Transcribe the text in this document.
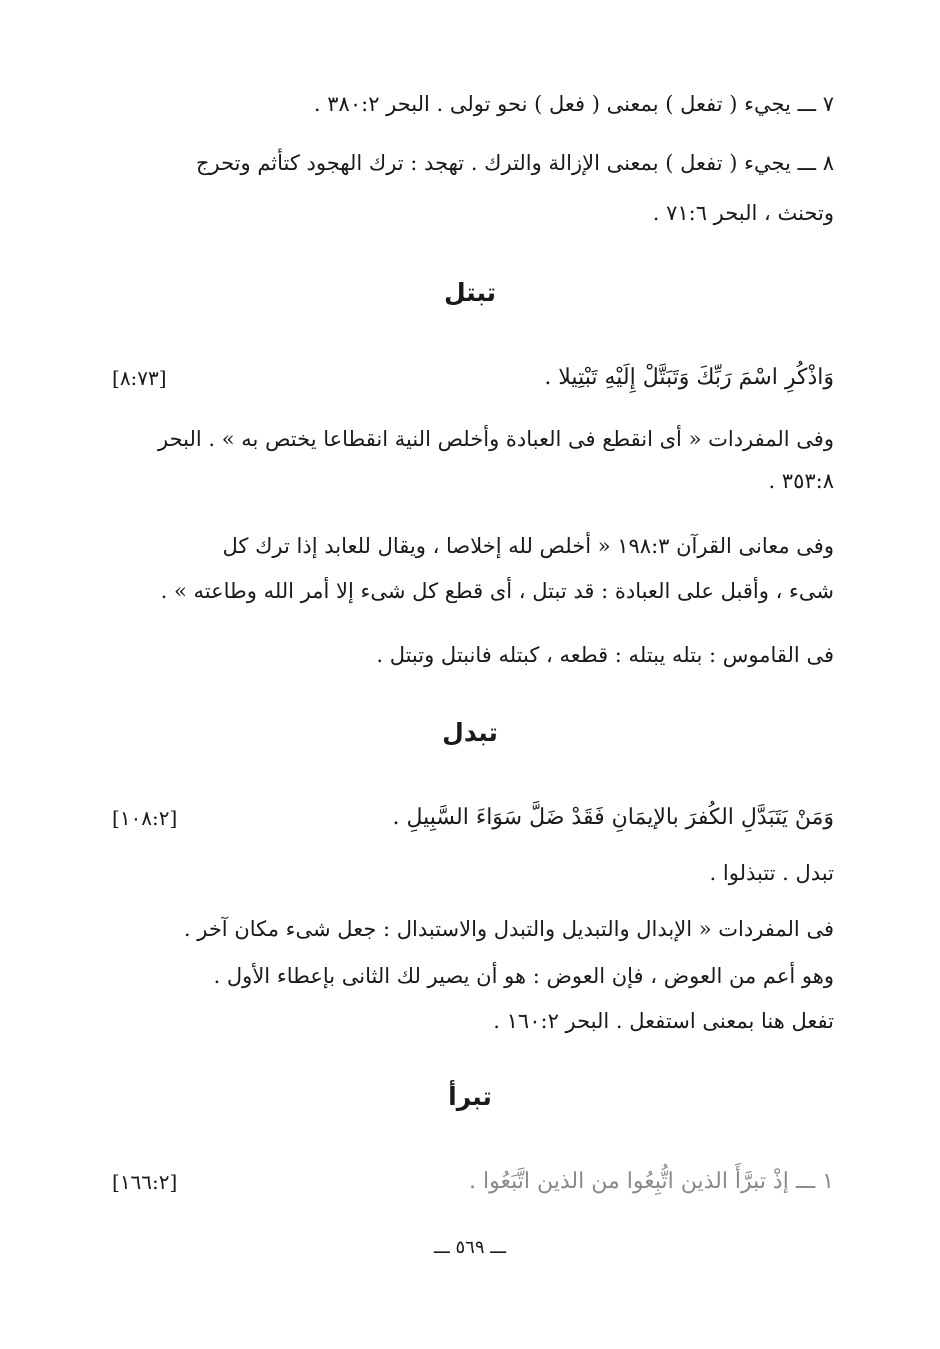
٧ ـــ يجيء ( تفعل ) بمعنى ( فعل ) نحو تولى . البحر ٣٨٠:٢ .
٨ ـــ يجيء ( تفعل ) بمعنى الإزالة والترك . تهجد : ترك الهجود كتأثم وتحرج
وتحنث ، البحر ٧١:٦ .
تبتل
وَاذْكُرِ اسْمَ رَبِّكَ وَتَبَتَّلْ إِلَيْهِ تَبْتِيلا .
[٨:٧٣]
وفى المفردات « أى انقطع فى العبادة وأخلص النية انقطاعا يختص به » . البحر
٣٥٣:٨ .
وفى معانى القرآن ١٩٨:٣ « أخلص لله إخلاصا ، ويقال للعابد إذا ترك كل
شىء ، وأقبل على العبادة : قد تبتل ، أى قطع كل شىء إلا أمر الله وطاعته » .
فى القاموس : بتله يبتله : قطعه ، كبتله فانبتل وتبتل .
تبدل
وَمَنْ يَتَبَدَّلِ الكُفرَ بالإيمَانِ فَقَدْ ضَلَّ سَوَاءَ السَّبِيلِ .
[١٠٨:٢]
تبدل . تتبذلوا .
فى المفردات « الإبدال والتبديل والتبدل والاستبدال : جعل شىء مكان آخر .
وهو أعم من العوض ، فإن العوض : هو أن يصير لك الثانى بإعطاء الأول .
تفعل هنا بمعنى استفعل . البحر ١٦٠:٢ .
تبرأ
١ ـــ إذْ تبرَّأَ الذين اتُّبِعُوا من الذين اتَّبَعُوا .
[١٦٦:٢]
ـــ ٥٦٩ ـــ
